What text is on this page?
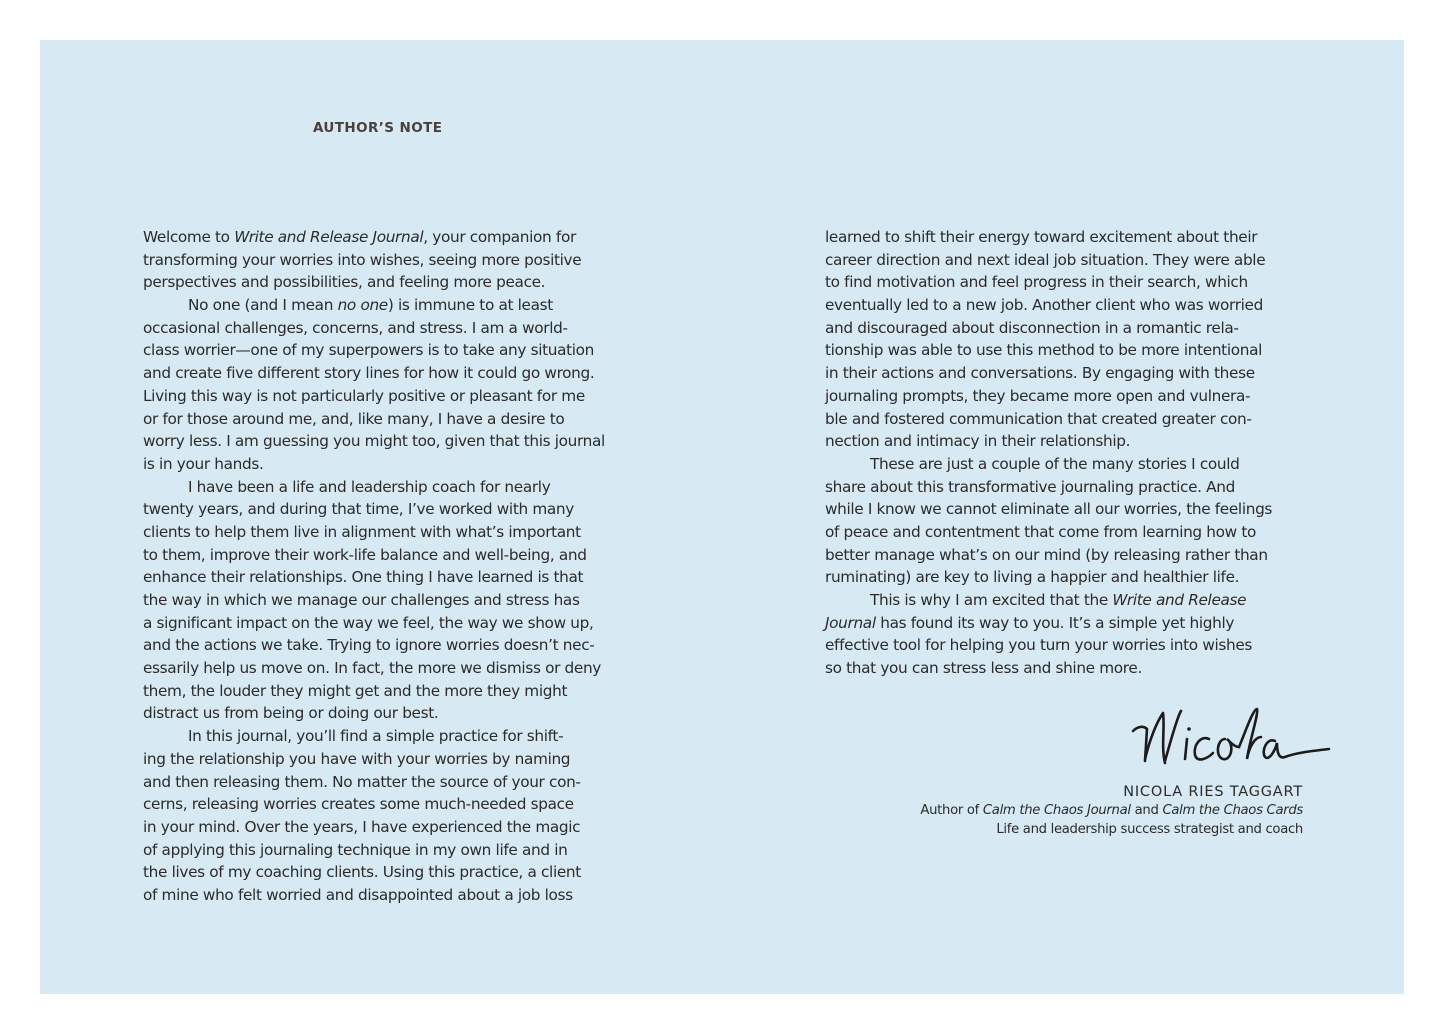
AUTHOR’S NOTE
Welcome to Write and Release Journal, your companion for
transforming your worries into wishes, seeing more positive
perspectives and possibilities, and feeling more peace.
No one (and I mean no one) is immune to at least
occasional challenges, concerns, and stress. I am a world-
class worrier—one of my superpowers is to take any situation
and create five different story lines for how it could go wrong.
Living this way is not particularly positive or pleasant for me
or for those around me, and, like many, I have a desire to
worry less. I am guessing you might too, given that this journal
is in your hands.
I have been a life and leadership coach for nearly
twenty years, and during that time, I’ve worked with many
clients to help them live in alignment with what’s important
to them, improve their work-life balance and well-being, and
enhance their relationships. One thing I have learned is that
the way in which we manage our challenges and stress has
a significant impact on the way we feel, the way we show up,
and the actions we take. Trying to ignore worries doesn’t nec-
essarily help us move on. In fact, the more we dismiss or deny
them, the louder they might get and the more they might
distract us from being or doing our best.
In this journal, you’ll find a simple practice for shift-
ing the relationship you have with your worries by naming
and then releasing them. No matter the source of your con-
cerns, releasing worries creates some much-needed space
in your mind. Over the years, I have experienced the magic
of applying this journaling technique in my own life and in
the lives of my coaching clients. Using this practice, a client
of mine who felt worried and disappointed about a job loss
learned to shift their energy toward excitement about their
career direction and next ideal job situation. They were able
to find motivation and feel progress in their search, which
eventually led to a new job. Another client who was worried
and discouraged about disconnection in a romantic rela-
tionship was able to use this method to be more intentional
in their actions and conversations. By engaging with these
journaling prompts, they became more open and vulnera-
ble and fostered communication that created greater con-
nection and intimacy in their relationship.
These are just a couple of the many stories I could
share about this transformative journaling practice. And
while I know we cannot eliminate all our worries, the feelings
of peace and contentment that come from learning how to
better manage what’s on our mind (by releasing rather than
ruminating) are key to living a happier and healthier life.
This is why I am excited that the Write and Release
Journal has found its way to you. It’s a simple yet highly
effective tool for helping you turn your worries into wishes
so that you can stress less and shine more.
NICOLA RIES TAGGART
Author of Calm the Chaos Journal and Calm the Chaos Cards
Life and leadership success strategist and coach
